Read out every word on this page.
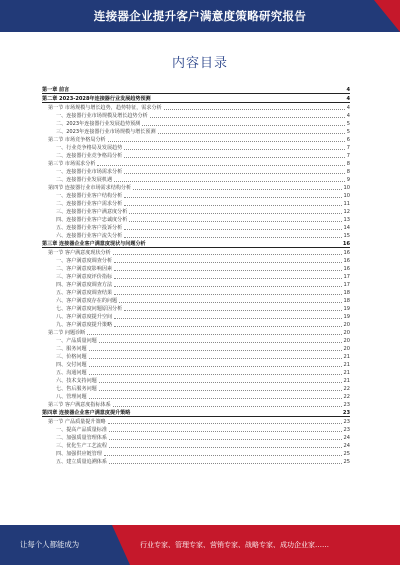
连接器企业提升客户满意度策略研究报告
内容目录
第一章 前言	4
第二章 2023-2028年连接器行业发展趋势预测	4
第一节 市场规模与增长趋势，趋势特征，需求分析	4
一、连接器行业市场规模及增长趋势分析	4
二、2023年连接器行业发展趋势预测	5
三、2023年连接器行业市场规模与增长预测	5
第二节 市场竞争格局分析	6
一、行业竞争格局及发展趋势	7
二、连接器行业竞争格局分析	7
第三节 市场需求分析	8
一、连接器行业市场需求分析	8
二、连接器行业发展机遇	9
第四节 连接器行业市场需求结构分析	10
一、连接器行业客户结构分析	10
二、连接器行业客户需求分析	11
三、连接器行业客户满意度分析	12
四、连接器行业客户忠诚度分析	13
五、连接器行业客户投诉分析	14
六、连接器行业客户流失分析	15
第三章 连接器企业客户满意度现状与问题分析	16
第一节 客户满意度现状分析	16
一、客户满意度调查分析	16
二、客户满意度影响因素	16
三、客户满意度评价指标	17
四、客户满意度调查方法	17
五、客户满意度调查结果	18
六、客户满意度存在的问题	18
七、客户满意度问题原因分析	19
八、客户满意度提升空间	19
九、客户满意度提升策略	20
第二节 问题诊断	20
一、产品质量问题	20
二、服务问题	20
三、价格问题	21
四、交付问题	21
五、沟通问题	21
六、技术支持问题	21
七、售后服务问题	22
八、管理问题	22
第三节 客户满意度指标体系	23
第四章 连接器企业客户满意度提升策略	23
第一节 产品质量提升策略	23
一、提高产品质量标准	23
二、加强质量管理体系	24
三、优化生产工艺流程	24
四、加强供应链管理	25
五、建立质量追溯体系	25
让每个人都能成为	行业专家、管理专家、营销专家、战略专家、成功企业家……
